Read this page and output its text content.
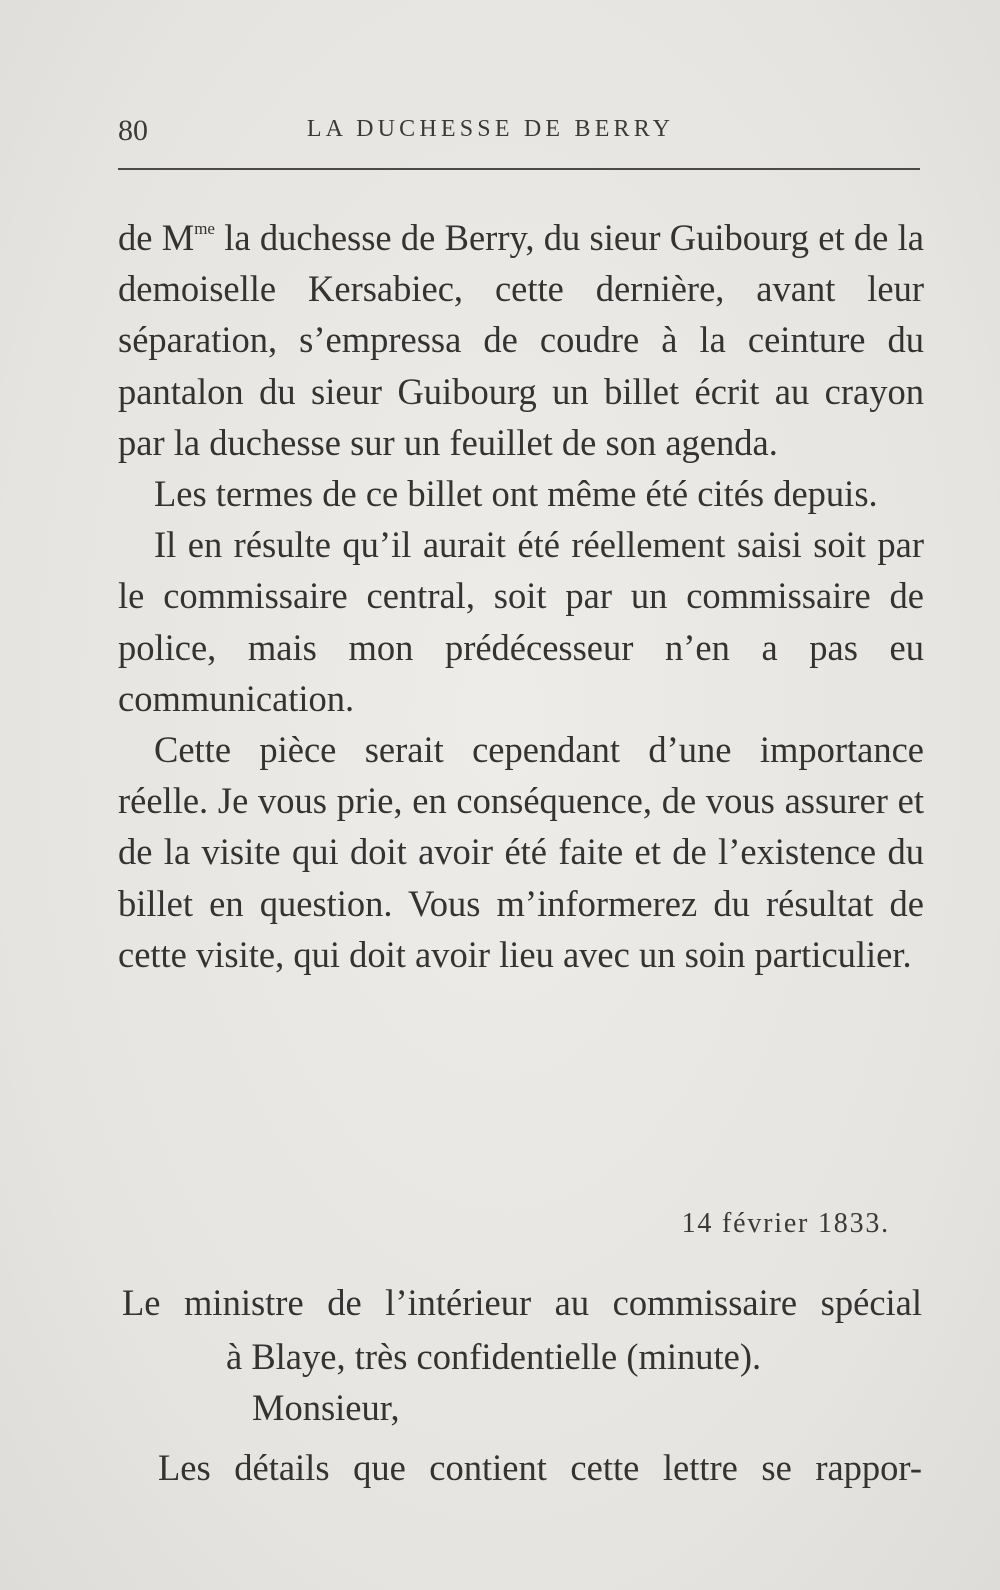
80	LA DUCHESSE DE BERRY

de $M^{me}$ la duchesse de Berry, du sieur Guibourg et de la demoiselle Kersabiec, cette dernière, avant leur séparation, s’empressa de coudre à la ceinture du pantalon du sieur Guibourg un billet écrit au crayon par la duchesse sur un feuillet de son agenda.

Les termes de ce billet ont même été cités depuis.

Il en résulte qu’il aurait été réellement saisi soit par le commissaire central, soit par un commissaire de police, mais mon prédécesseur n’en a pas eu communication.

Cette pièce serait cependant d’une importance réelle. Je vous prie, en conséquence, de vous assurer et de la visite qui doit avoir été faite et de l’existence du billet en question. Vous m’informerez du résultat de cette visite, qui doit avoir lieu avec un soin particulier.

14 février 1833.
Le ministre de l’intérieur au commissaire spécial
à Blaye, très confidentielle (minute).
Monsieur,
Les détails que contient cette lettre se rappor-
